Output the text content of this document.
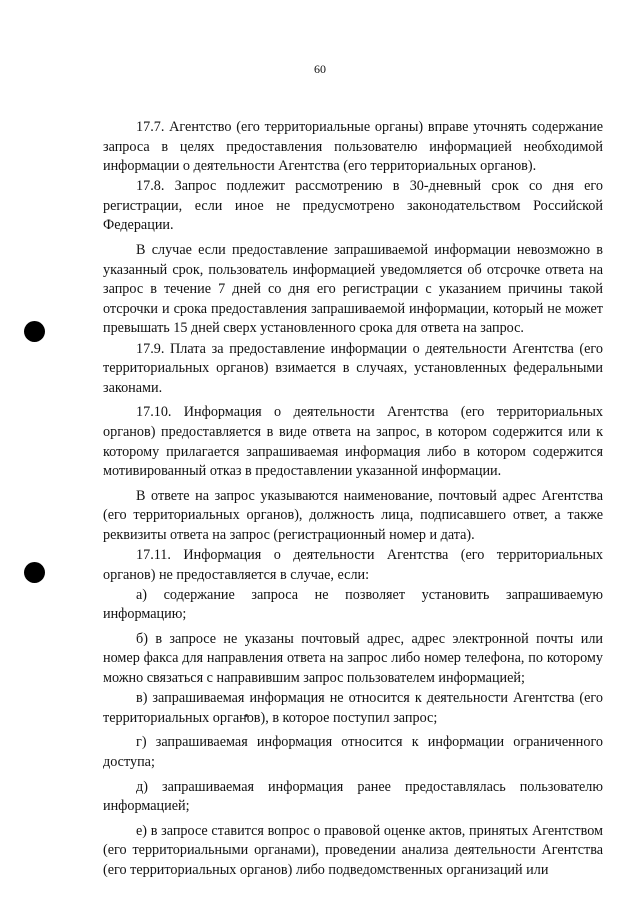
60

17.7. Агентство (его территориальные органы) вправе уточнять содержание запроса в целях предоставления пользователю информацией необходимой информации о деятельности Агентства (его территориальных органов).

17.8. Запрос подлежит рассмотрению в 30-дневный срок со дня его регистрации, если иное не предусмотрено законодательством Российской Федерации.

В случае если предоставление запрашиваемой информации невозможно в указанный срок, пользователь информацией уведомляется об отсрочке ответа на запрос в течение 7 дней со дня его регистрации с указанием причины такой отсрочки и срока предоставления запрашиваемой информации, который не может превышать 15 дней сверх установленного срока для ответа на запрос.

17.9. Плата за предоставление информации о деятельности Агентства (его территориальных органов) взимается в случаях, установленных федеральными законами.

17.10. Информация о деятельности Агентства (его территориальных органов) предоставляется в виде ответа на запрос, в котором содержится или к которому прилагается запрашиваемая информация либо в котором содержится мотивированный отказ в предоставлении указанной информации.

В ответе на запрос указываются наименование, почтовый адрес Агентства (его территориальных органов), должность лица, подписавшего ответ, а также реквизиты ответа на запрос (регистрационный номер и дата).

17.11. Информация о деятельности Агентства (его территориальных органов) не предоставляется в случае, если:

а) содержание запроса не позволяет установить запрашиваемую информацию;

б) в запросе не указаны почтовый адрес, адрес электронной почты или номер факса для направления ответа на запрос либо номер телефона, по которому можно связаться с направившим запрос пользователем информацией;

в) запрашиваемая информация не относится к деятельности Агентства (его территориальных органов), в которое поступил запрос;

г) запрашиваемая информация относится к информации ограниченного доступа;

д) запрашиваемая информация ранее предоставлялась пользователю информацией;

е) в запросе ставится вопрос о правовой оценке актов, принятых Агентством (его территориальными органами), проведении анализа деятельности Агентства (его территориальных органов) либо подведомственных организаций или
